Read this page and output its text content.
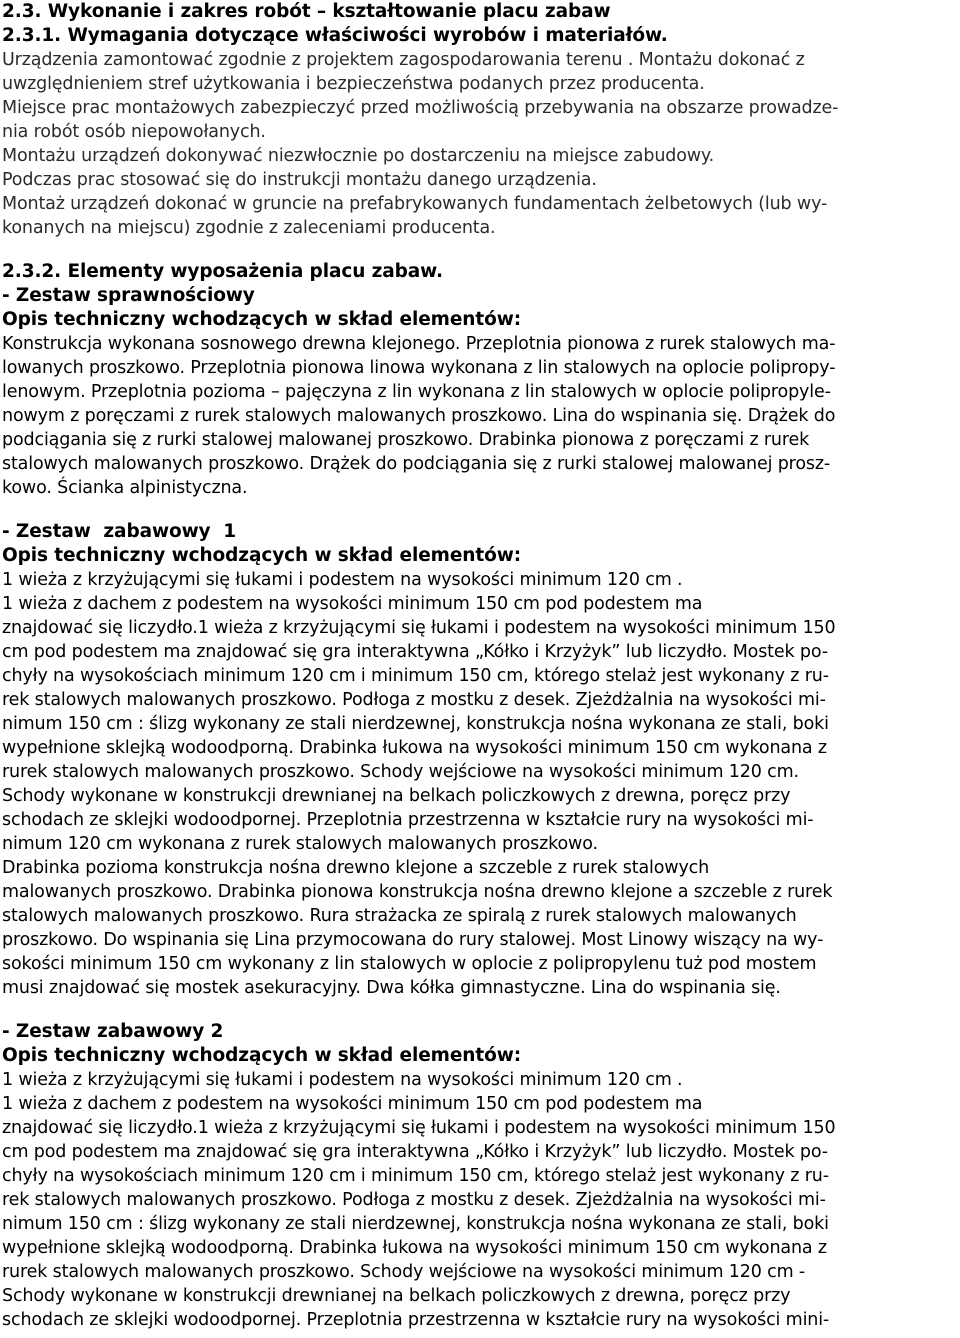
2.3. Wykonanie i zakres robót – kształtowanie placu zabaw
2.3.1. Wymagania dotyczące właściwości wyrobów i materiałów.
Urządzenia zamontować zgodnie z projektem zagospodarowania terenu . Montażu dokonać z
uwzględnieniem stref użytkowania i bezpieczeństwa podanych przez producenta.
Miejsce prac montażowych zabezpieczyć przed możliwością przebywania na obszarze prowadze-
nia robót osób niepowołanych.
Montażu urządzeń dokonywać niezwłocznie po dostarczeniu na miejsce zabudowy.
Podczas prac stosować się do instrukcji montażu danego urządzenia.
Montaż urządzeń dokonać w gruncie na prefabrykowanych fundamentach żelbetowych (lub wy-
konanych na miejscu) zgodnie z zaleceniami producenta.
2.3.2. Elementy wyposażenia placu zabaw.
- Zestaw sprawnościowy
Opis techniczny wchodzących w skład elementów:
Konstrukcja wykonana sosnowego drewna klejonego. Przeplotnia pionowa z rurek stalowych ma-
lowanych proszkowo. Przeplotnia pionowa linowa wykonana z lin stalowych na oplocie polipropy-
lenowym. Przeplotnia pozioma – pajęczyna z lin wykonana z lin stalowych w oplocie polipropyle-
nowym z poręczami z rurek stalowych malowanych proszkowo. Lina do wspinania się. Drążek do
podciągania się z rurki stalowej malowanej proszkowo. Drabinka pionowa z poręczami z rurek
stalowych malowanych proszkowo. Drążek do podciągania się z rurki stalowej malowanej prosz-
kowo. Ścianka alpinistyczna.
- Zestaw  zabawowy  1
Opis techniczny wchodzących w skład elementów:
1 wieża z krzyżującymi się łukami i podestem na wysokości minimum 120 cm .
1 wieża z dachem z podestem na wysokości minimum 150 cm pod podestem ma
znajdować się liczydło.1 wieża z krzyżującymi się łukami i podestem na wysokości minimum 150
cm pod podestem ma znajdować się gra interaktywna „Kółko i Krzyżyk” lub liczydło. Mostek po-
chyły na wysokościach minimum 120 cm i minimum 150 cm, którego stelaż jest wykonany z ru-
rek stalowych malowanych proszkowo. Podłoga z mostku z desek. Zjeżdżalnia na wysokości mi-
nimum 150 cm : ślizg wykonany ze stali nierdzewnej, konstrukcja nośna wykonana ze stali, boki
wypełnione sklejką wodoodporną. Drabinka łukowa na wysokości minimum 150 cm wykonana z
rurek stalowych malowanych proszkowo. Schody wejściowe na wysokości minimum 120 cm.
Schody wykonane w konstrukcji drewnianej na belkach policzkowych z drewna, poręcz przy
schodach ze sklejki wodoodpornej. Przeplotnia przestrzenna w kształcie rury na wysokości mi-
nimum 120 cm wykonana z rurek stalowych malowanych proszkowo.
Drabinka pozioma konstrukcja nośna drewno klejone a szczeble z rurek stalowych
malowanych proszkowo. Drabinka pionowa konstrukcja nośna drewno klejone a szczeble z rurek
stalowych malowanych proszkowo. Rura strażacka ze spiralą z rurek stalowych malowanych
proszkowo. Do wspinania się Lina przymocowana do rury stalowej. Most Linowy wiszący na wy-
sokości minimum 150 cm wykonany z lin stalowych w oplocie z polipropylenu tuż pod mostem
musi znajdować się mostek asekuracyjny. Dwa kółka gimnastyczne. Lina do wspinania się.
- Zestaw zabawowy 2
Opis techniczny wchodzących w skład elementów:
1 wieża z krzyżującymi się łukami i podestem na wysokości minimum 120 cm .
1 wieża z dachem z podestem na wysokości minimum 150 cm pod podestem ma
znajdować się liczydło.1 wieża z krzyżującymi się łukami i podestem na wysokości minimum 150
cm pod podestem ma znajdować się gra interaktywna „Kółko i Krzyżyk” lub liczydło. Mostek po-
chyły na wysokościach minimum 120 cm i minimum 150 cm, którego stelaż jest wykonany z ru-
rek stalowych malowanych proszkowo. Podłoga z mostku z desek. Zjeżdżalnia na wysokości mi-
nimum 150 cm : ślizg wykonany ze stali nierdzewnej, konstrukcja nośna wykonana ze stali, boki
wypełnione sklejką wodoodporną. Drabinka łukowa na wysokości minimum 150 cm wykonana z
rurek stalowych malowanych proszkowo. Schody wejściowe na wysokości minimum 120 cm -
Schody wykonane w konstrukcji drewnianej na belkach policzkowych z drewna, poręcz przy
schodach ze sklejki wodoodpornej. Przeplotnia przestrzenna w kształcie rury na wysokości mini-
